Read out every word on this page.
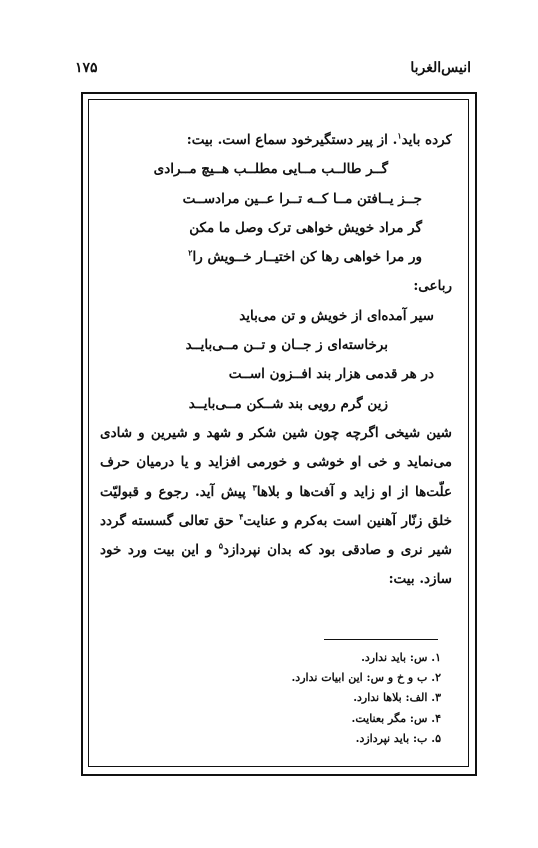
۱۷۵	انیس‌الغربا
کرده باید$^۱$. از پیر دستگیرخود سماع است. بیت:
گــر طالــب مــایی مطلــب هــیچ مــرادی
جــز یــافتن مــا کــه تــرا عــین مرادســت
گر مراد خویش خواهی ترک وصل ما مکن
ور مرا خواهی رها کن اختیــار خــویش را$^۲$
رباعی:
سیر آمده‌ای از خویش و تن می‌باید
برخاسته‌ای ز جــان و تــن مــی‌بایــد
در هر قدمی هزار بند افــزون اســت
زین گرم رویی بند شــکن مــی‌بایــد
شین شیخی اگرچه چون شین شکر و شهد و شیرین و شادی
می‌نماید و خی او خوشی و خورمی افزاید و یا درمیان حرف
علّت‌ها از او زاید و آفت‌ها و بلاها$^۳$ پیش آید. رجوع و قبولیّت
خلق زنّار آهنین است به‌کرم و عنایت$^۴$ حق تعالی گسسته گردد
شیر نری و صادقی بود که بدان نپردازد$^۵$ و این بیت ورد خود
سازد. بیت:
۱. س: باید ندارد.
۲. ب و خ و س: این ابیات ندارد.
۳. الف: بلاها ندارد.
۴. س: مگر بعنایت.
۵. ب: باید نپردازد.
